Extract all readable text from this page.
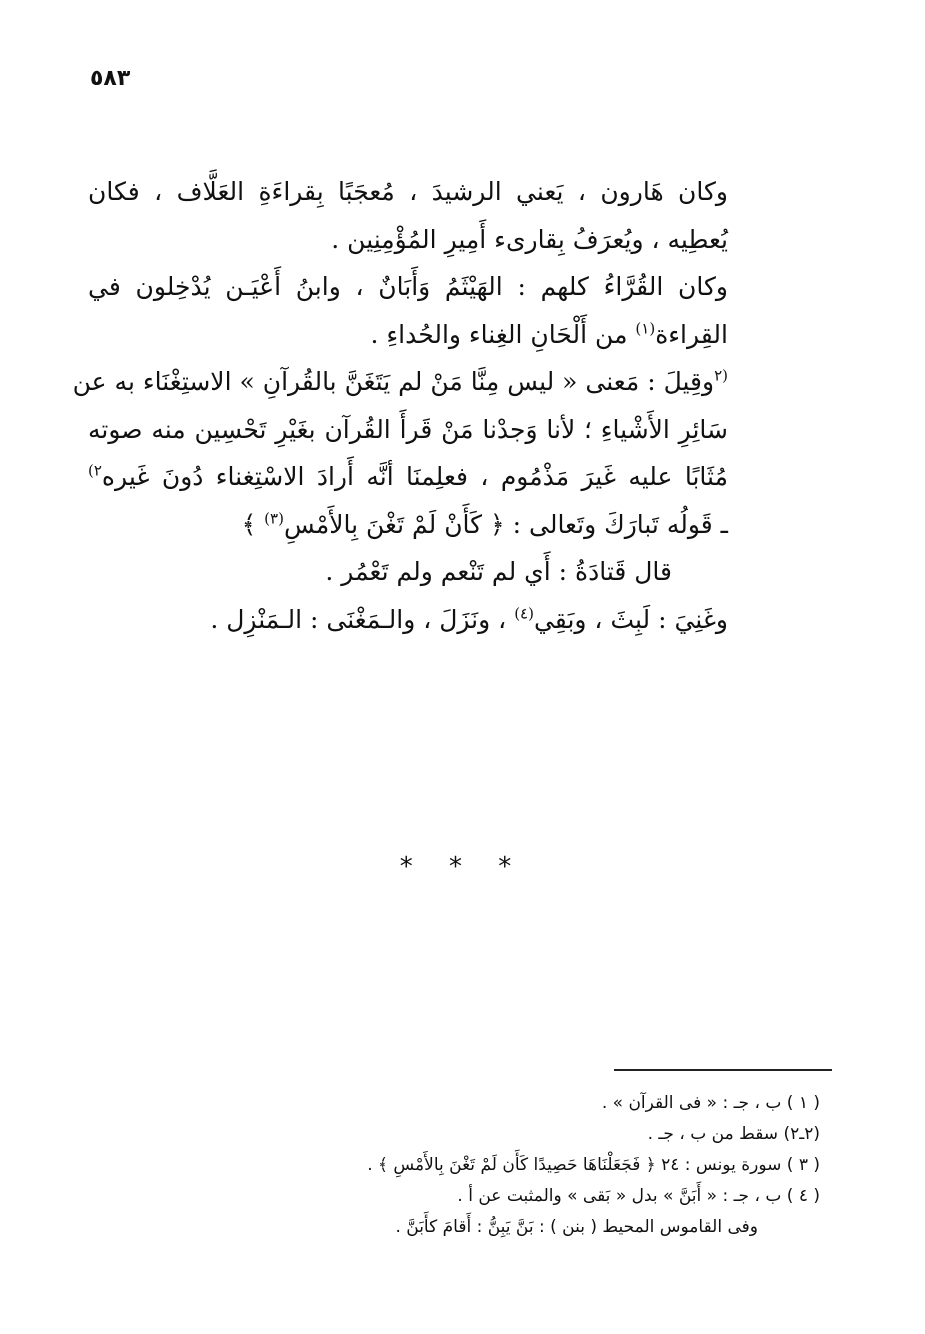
٥٨٣

وكان هَارون ، يَعني الرشيدَ ، مُعجَبًا بِقراءَةِ العَلَّاف ، فكان

يُعطِيه ، ويُعرَفُ بِقارىء أَمِيرِ المُؤْمِنِين .

وكان القُرَّاءُ كلهم : الهَيْثَمُ وَأَبَانٌ ، وابنُ أَعْيَـن يُدْخِلون في

القِراءة$^{(١)}$ من أَلْحَانِ الغِناء والحُداءِ .

$^{(٢}$وقِيلَ : مَعنى « ليس مِنَّا مَنْ لم يَتَغَنَّ بالقُرآنِ » الاستِغْنَاء به عن

سَائِرِ الأَشْياءِ ؛ لأنا وَجدْنا مَنْ قَرأَ القُرآن بغَيْرِ تَحْسِين منه صوته

مُثَابًا عليه غَيرَ مَذْمُوم ، فعلِمنَا أنَّه أَرادَ الاسْتِغناء دُونَ غَيره$^{٢)}$

ـ قَولُه تَبارَكَ وتَعالى : ﴿ كَأَنْ لَمْ تَغْنَ بِالأَمْسِ$^{(٣)}$ ﴾

قال قَتادَةُ : أَي لم تَنْعم ولم تَعْمُر .

وغَنِيَ : لَبِثَ ، وبَقِي$^{(٤)}$ ، ونَزَلَ ، والـمَغْنَى : الـمَنْزِل .

* * *

( ١ ) ب ، جـ : « فى القرآن » .

(٢ـ٢) سقط من ب ، جـ .

( ٣ ) سورة يونس : ٢٤ ﴿ فَجَعَلْنَاهَا حَصِيدًا كَأَن لَمْ تَغْنَ بِالأَمْسِ ﴾ .

( ٤ ) ب ، جـ : « أَبَنَّ » بدل « بَقى » والمثبت عن أ .

وفى القاموس المحيط ( بنن ) : بَنَّ يَبِنُّ : أَقامَ كأَبَنَّ .
